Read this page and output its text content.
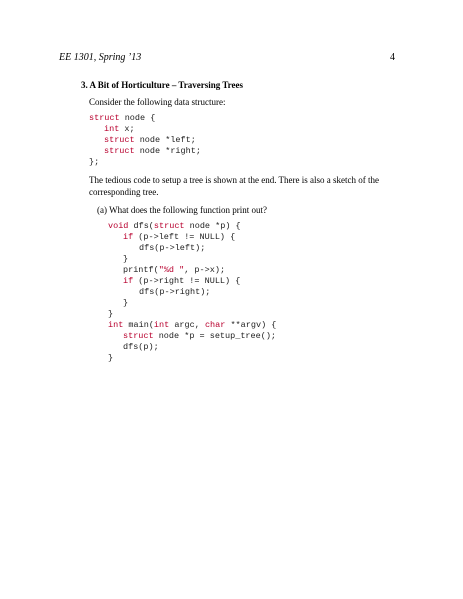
EE 1301, Spring ’13	4
3. A Bit of Horticulture – Traversing Trees
Consider the following data structure:
struct node {
int x;
struct node *left;
struct node *right;
};
The tedious code to setup a tree is shown at the end. There is also a sketch of the
corresponding tree.
(a) What does the following function print out?
void dfs(struct node *p) {
if (p->left != NULL) {
dfs(p->left);
}
printf("%d ", p->x);
if (p->right != NULL) {
dfs(p->right);
}
}
int main(int argc, char **argv) {
struct node *p = setup_tree();
dfs(p);
}
